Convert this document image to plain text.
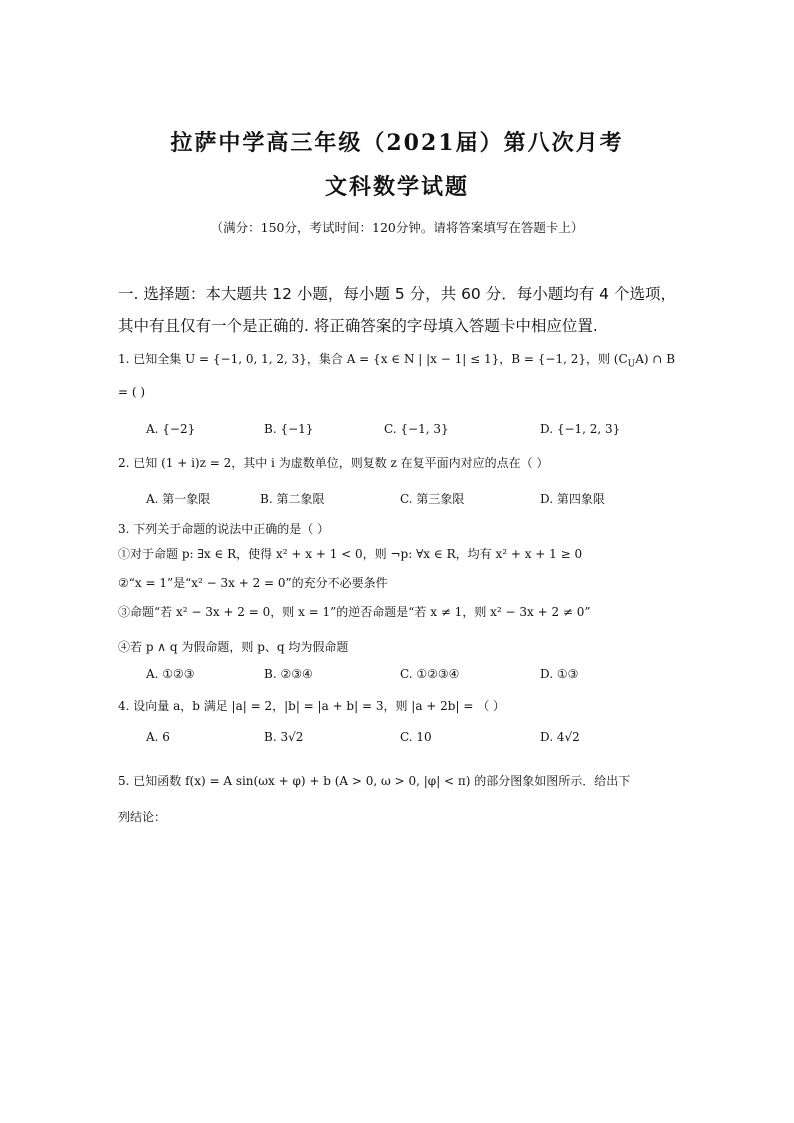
拉萨中学高三年级（2021届）第八次月考
文科数学试题
（满分：150分，考试时间：120分钟。请将答案填写在答题卡上）
一. 选择题：本大题共 12 小题，每小题 5 分，共 60 分．每小题均有 4 个选项，
其中有且仅有一个是正确的. 将正确答案的字母填入答题卡中相应位置.
1. 已知全集 U = {−1, 0, 1, 2, 3}，集合 A = {x ∈ N | |x − 1| ≤ 1}，B = {−1, 2}，则 $(C_UA)$ ∩ B
= ( )
A. {−2}	B. {−1}	C. {−1, 3}	D. {−1, 2, 3}
2. 已知 (1 + i)z = 2，其中 i 为虚数单位，则复数 z 在复平面内对应的点在（ ）
A. 第一象限	B. 第二象限	C. 第三象限	D. 第四象限
3. 下列关于命题的说法中正确的是（ ）
①对于命题 p: ∃x ∈ R，使得 x² + x + 1 < 0，则 ¬p: ∀x ∈ R，均有 x² + x + 1 ≥ 0
②“x = 1”是“x² − 3x + 2 = 0”的充分不必要条件
③命题“若 x² − 3x + 2 = 0，则 x = 1”的逆否命题是“若 x ≠ 1，则 x² − 3x + 2 ≠ 0”
④若 p ∧ q 为假命题，则 p、q 均为假命题
A. ①②③	B. ②③④	C. ①②③④	D. ①③
4. 设向量 a，b 满足 |a| = 2，|b| = |a + b| = 3，则 |a + 2b| = （ ）
A. 6	B. 3√2	C. 10	D. 4√2
5. 已知函数 f(x) = A sin(ωx + φ) + b (A > 0, ω > 0, |φ| < π) 的部分图象如图所示．给出下
列结论：
